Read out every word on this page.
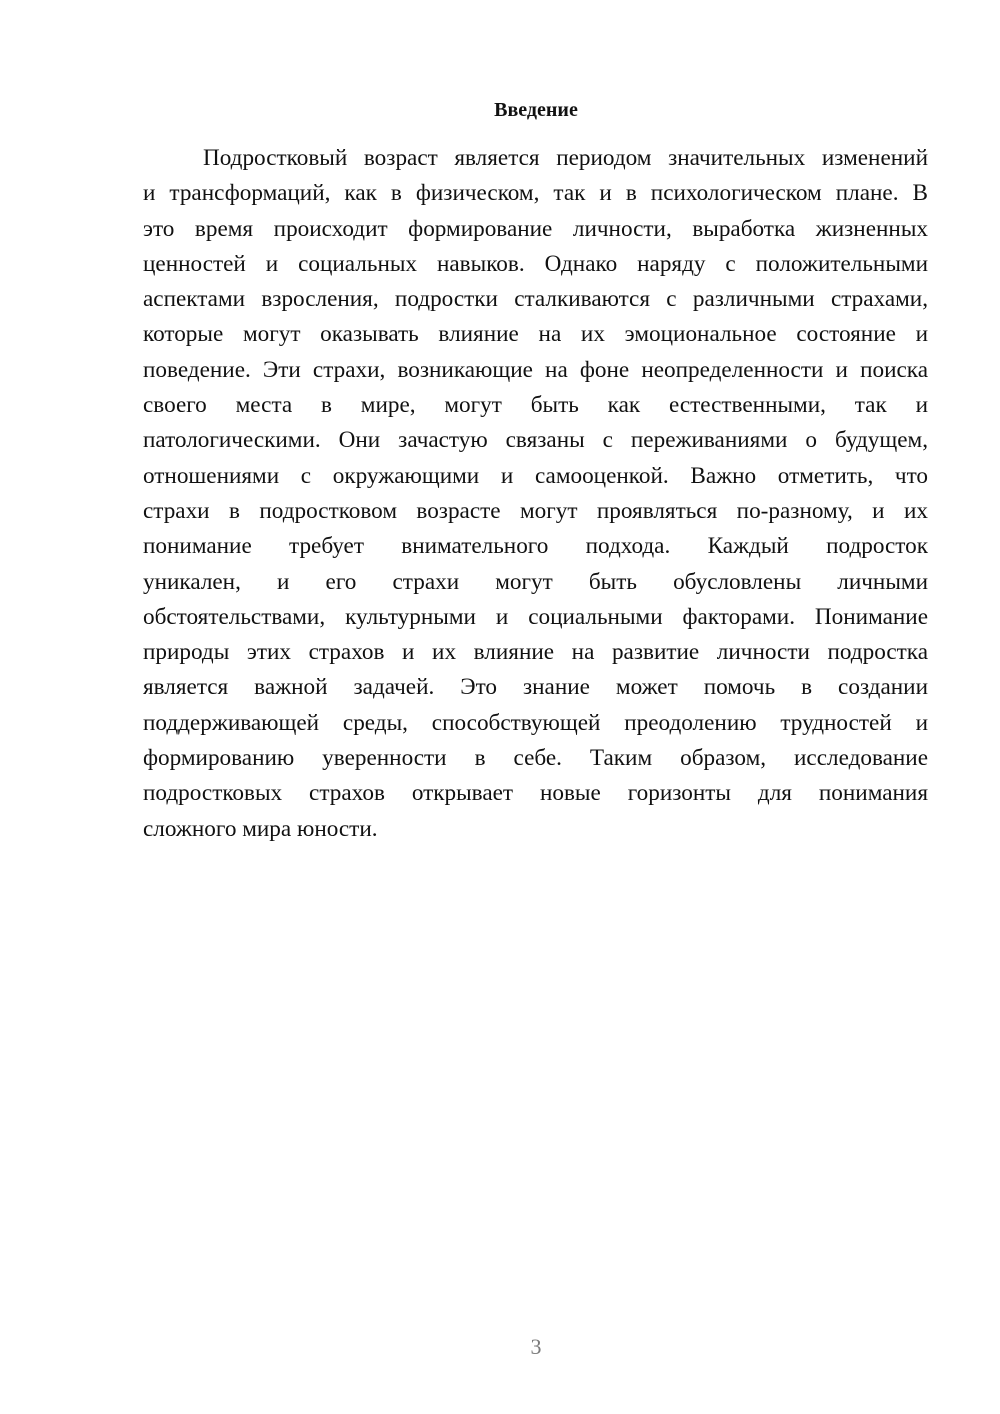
Введение
Подростковый возраст является периодом значительных изменений
и трансформаций, как в физическом, так и в психологическом плане. В
это время происходит формирование личности, выработка жизненных
ценностей и социальных навыков. Однако наряду с положительными
аспектами взросления, подростки сталкиваются с различными страхами,
которые могут оказывать влияние на их эмоциональное состояние и
поведение. Эти страхи, возникающие на фоне неопределенности и поиска
своего места в мире, могут быть как естественными, так и
патологическими. Они зачастую связаны с переживаниями о будущем,
отношениями с окружающими и самооценкой. Важно отметить, что
страхи в подростковом возрасте могут проявляться по-разному, и их
понимание требует внимательного подхода. Каждый подросток
уникален, и его страхи могут быть обусловлены личными
обстоятельствами, культурными и социальными факторами. Понимание
природы этих страхов и их влияние на развитие личности подростка
является важной задачей. Это знание может помочь в создании
поддерживающей среды, способствующей преодолению трудностей и
формированию уверенности в себе. Таким образом, исследование
подростковых страхов открывает новые горизонты для понимания
сложного мира юности.
3
